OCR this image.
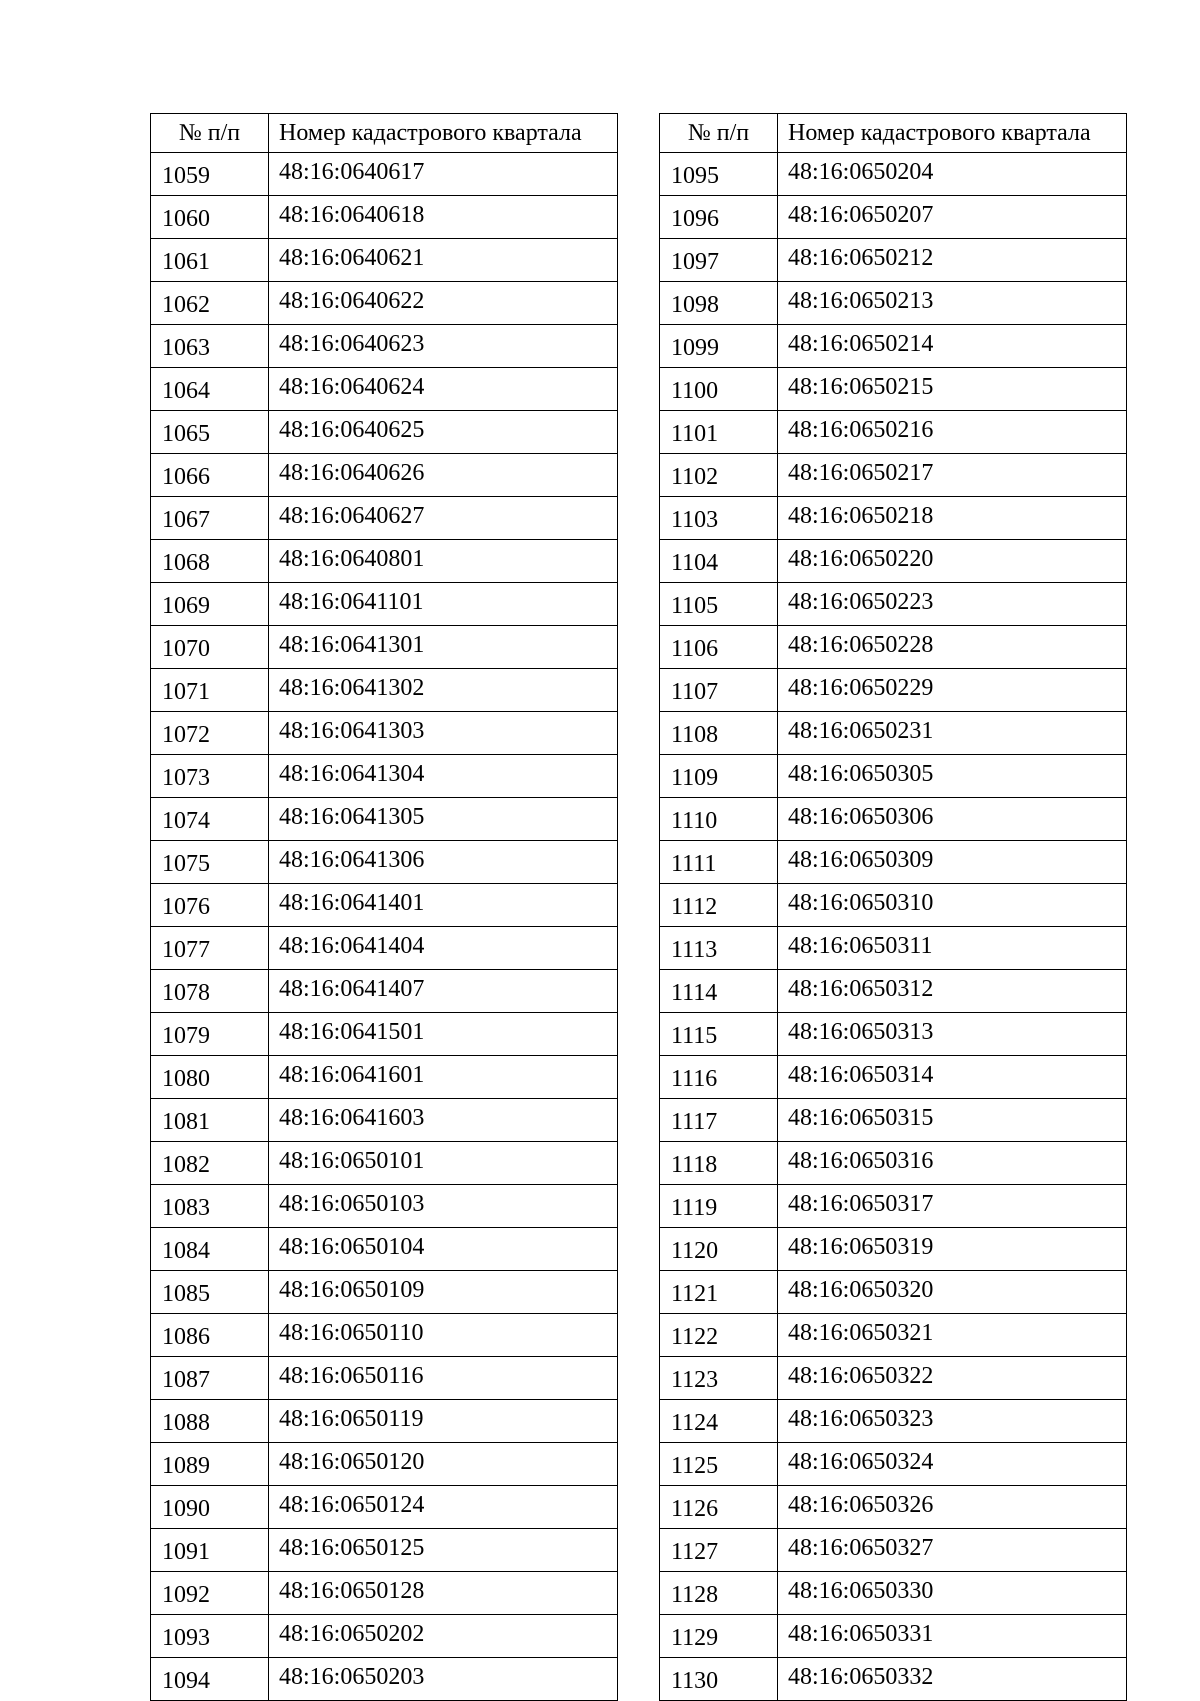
№ п/п	Номер кадастрового квартала
1059	48:16:0640617
1060	48:16:0640618
1061	48:16:0640621
1062	48:16:0640622
1063	48:16:0640623
1064	48:16:0640624
1065	48:16:0640625
1066	48:16:0640626
1067	48:16:0640627
1068	48:16:0640801
1069	48:16:0641101
1070	48:16:0641301
1071	48:16:0641302
1072	48:16:0641303
1073	48:16:0641304
1074	48:16:0641305
1075	48:16:0641306
1076	48:16:0641401
1077	48:16:0641404
1078	48:16:0641407
1079	48:16:0641501
1080	48:16:0641601
1081	48:16:0641603
1082	48:16:0650101
1083	48:16:0650103
1084	48:16:0650104
1085	48:16:0650109
1086	48:16:0650110
1087	48:16:0650116
1088	48:16:0650119
1089	48:16:0650120
1090	48:16:0650124
1091	48:16:0650125
1092	48:16:0650128
1093	48:16:0650202
1094	48:16:0650203
№ п/п	Номер кадастрового квартала
1095	48:16:0650204
1096	48:16:0650207
1097	48:16:0650212
1098	48:16:0650213
1099	48:16:0650214
1100	48:16:0650215
1101	48:16:0650216
1102	48:16:0650217
1103	48:16:0650218
1104	48:16:0650220
1105	48:16:0650223
1106	48:16:0650228
1107	48:16:0650229
1108	48:16:0650231
1109	48:16:0650305
1110	48:16:0650306
1111	48:16:0650309
1112	48:16:0650310
1113	48:16:0650311
1114	48:16:0650312
1115	48:16:0650313
1116	48:16:0650314
1117	48:16:0650315
1118	48:16:0650316
1119	48:16:0650317
1120	48:16:0650319
1121	48:16:0650320
1122	48:16:0650321
1123	48:16:0650322
1124	48:16:0650323
1125	48:16:0650324
1126	48:16:0650326
1127	48:16:0650327
1128	48:16:0650330
1129	48:16:0650331
1130	48:16:0650332
